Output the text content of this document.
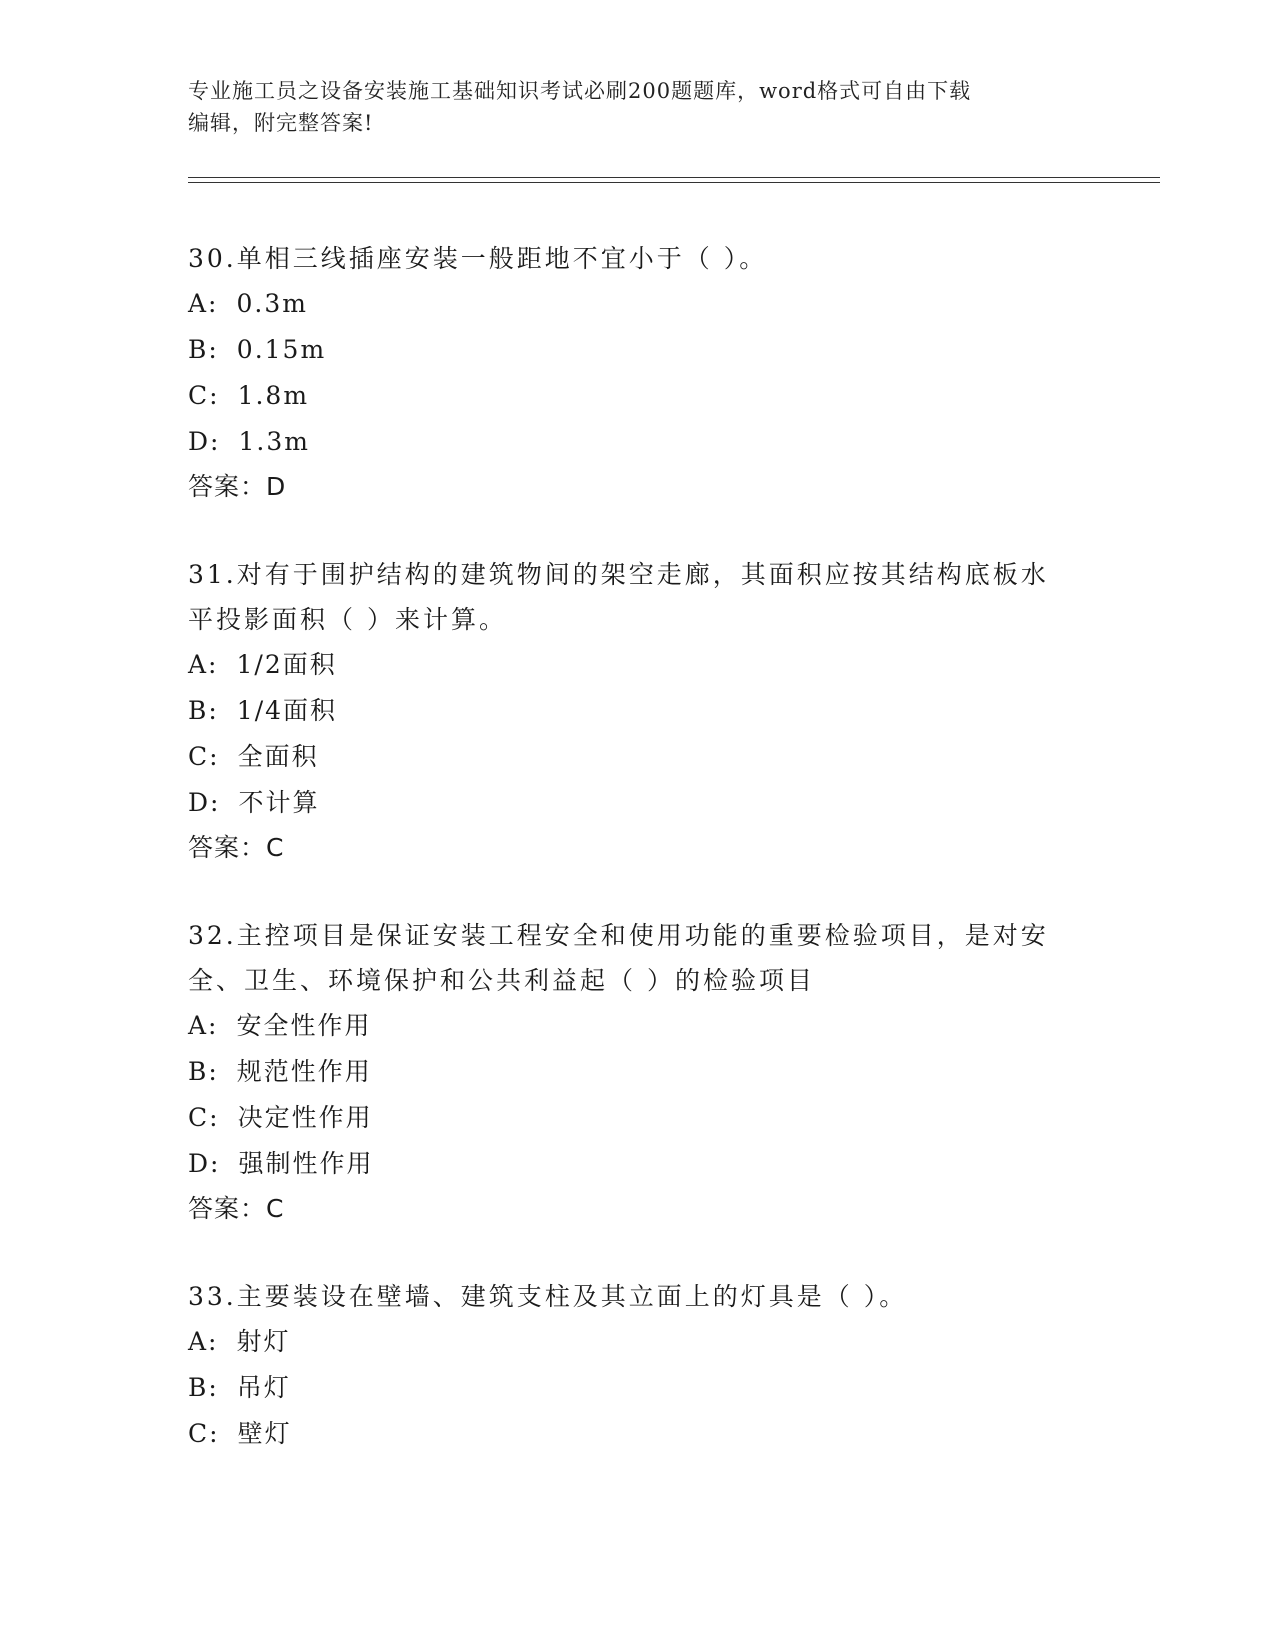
专业施工员之设备安装施工基础知识考试必刷200题题库，word格式可自由下载
编辑，附完整答案!
30.单相三线插座安装一般距地不宜小于（ ）。
A: 0.3m
B: 0.15m
C: 1.8m
D: 1.3m
答案：D
31.对有于围护结构的建筑物间的架空走廊，其面积应按其结构底板水
平投影面积（ ）来计算。
A: 1/2面积
B: 1/4面积
C: 全面积
D: 不计算
答案：C
32.主控项目是保证安装工程安全和使用功能的重要检验项目，是对安
全、卫生、环境保护和公共利益起（ ）的检验项目
A: 安全性作用
B: 规范性作用
C: 决定性作用
D: 强制性作用
答案：C
33.主要装设在壁墙、建筑支柱及其立面上的灯具是（ ）。
A: 射灯
B: 吊灯
C: 壁灯
